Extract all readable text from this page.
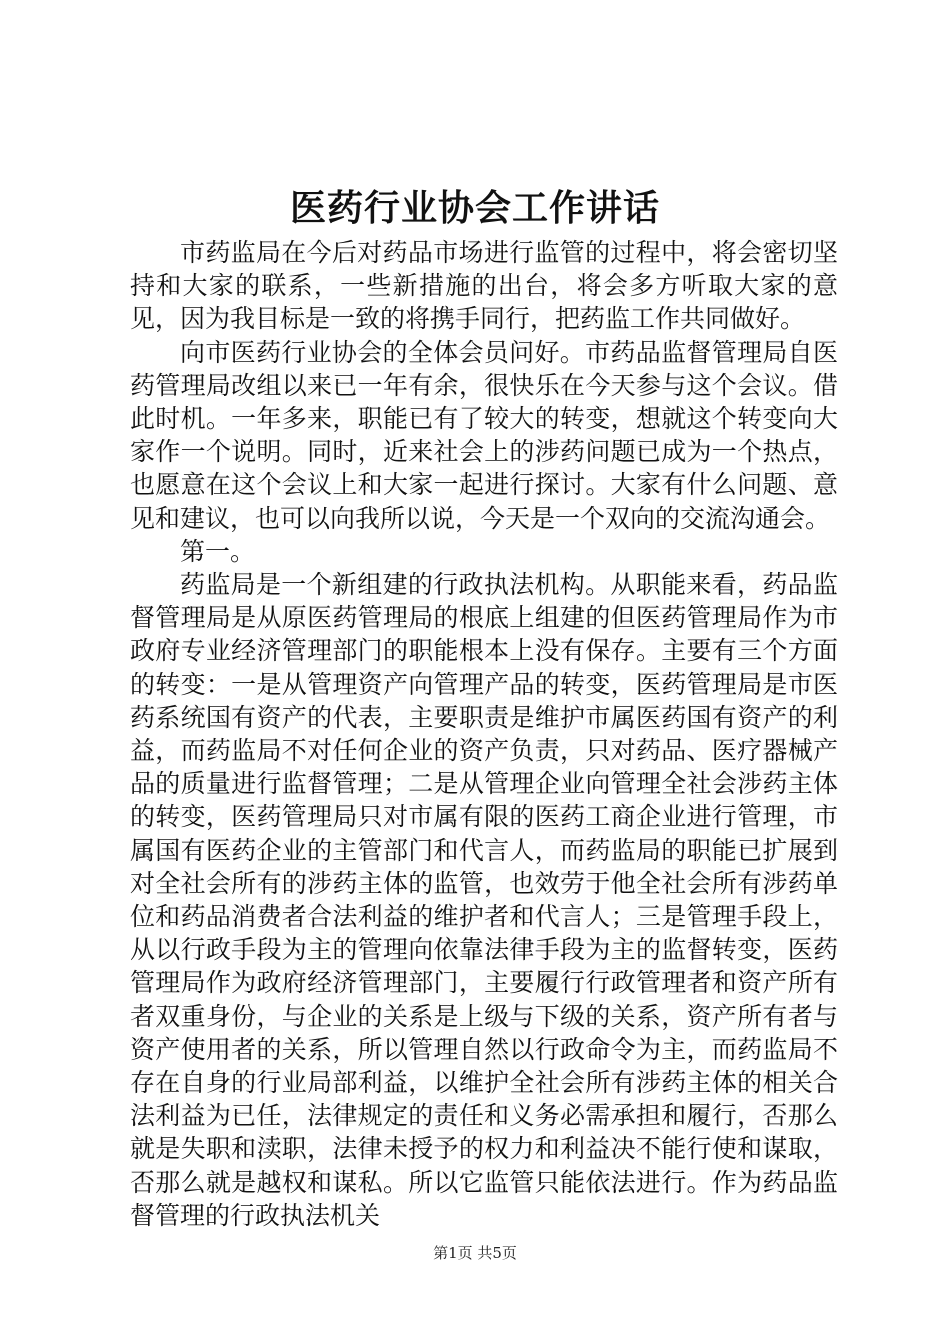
医药行业协会工作讲话

市药监局在今后对药品市场进行监管的过程中，将会密切坚持和大家的联系，一些新措施的出台，将会多方听取大家的意见，因为我目标是一致的将携手同行，把药监工作共同做好。

向市医药行业协会的全体会员问好。市药品监督管理局自医药管理局改组以来已一年有余，很快乐在今天参与这个会议。借此时机。一年多来，职能已有了较大的转变，想就这个转变向大家作一个说明。同时，近来社会上的涉药问题已成为一个热点，也愿意在这个会议上和大家一起进行探讨。大家有什么问题、意见和建议，也可以向我所以说，今天是一个双向的交流沟通会。

第一。

药监局是一个新组建的行政执法机构。从职能来看，药品监督管理局是从原医药管理局的根底上组建的但医药管理局作为市政府专业经济管理部门的职能根本上没有保存。主要有三个方面的转变：一是从管理资产向管理产品的转变，医药管理局是市医药系统国有资产的代表，主要职责是维护市属医药国有资产的利益，而药监局不对任何企业的资产负责，只对药品、医疗器械产品的质量进行监督管理；二是从管理企业向管理全社会涉药主体的转变，医药管理局只对市属有限的医药工商企业进行管理，市属国有医药企业的主管部门和代言人，而药监局的职能已扩展到对全社会所有的涉药主体的监管，也效劳于他全社会所有涉药单位和药品消费者合法利益的维护者和代言人；三是管理手段上，从以行政手段为主的管理向依靠法律手段为主的监督转变，医药管理局作为政府经济管理部门，主要履行行政管理者和资产所有者双重身份，与企业的关系是上级与下级的关系，资产所有者与资产使用者的关系，所以管理自然以行政命令为主，而药监局不存在自身的行业局部利益，以维护全社会所有涉药主体的相关合法利益为已任，法律规定的责任和义务必需承担和履行，否那么就是失职和渎职，法律未授予的权力和利益决不能行使和谋取，否那么就是越权和谋私。所以它监管只能依法进行。作为药品监督管理的行政执法机关

第1页 共5页
